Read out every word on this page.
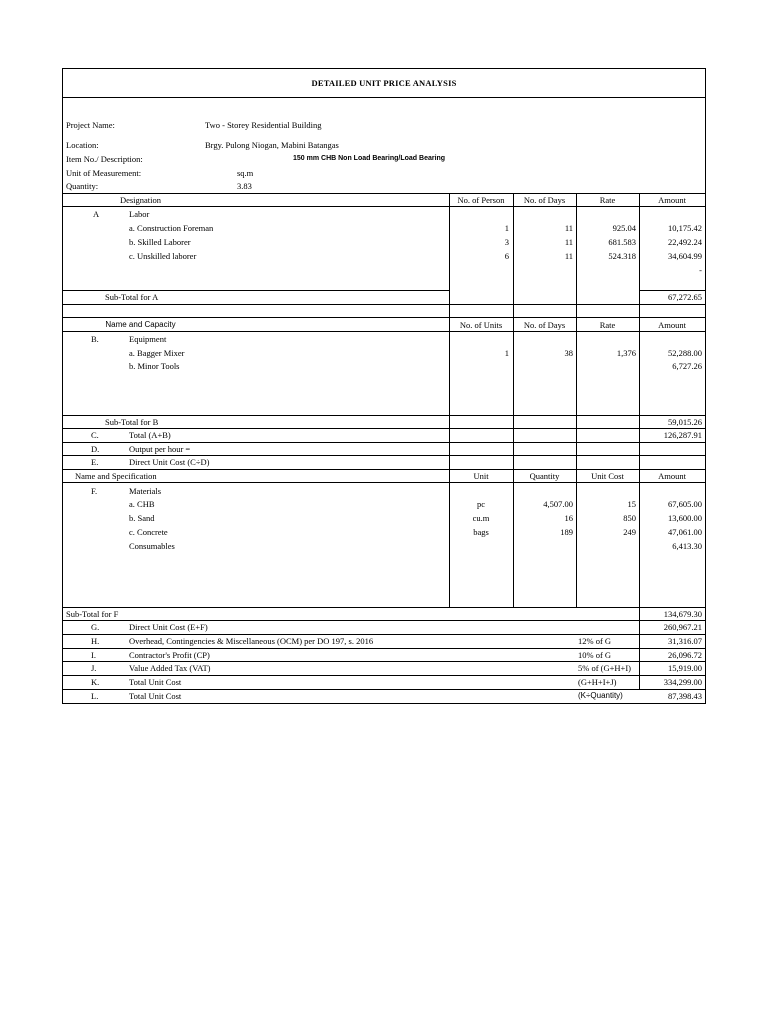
DETAILED UNIT PRICE ANALYSIS
Project Name:	Two - Storey Residential Building
Location:	Brgy. Pulong Niogan, Mabini Batangas
Item No./ Description:	150 mm CHB Non Load Bearing/Load Bearing
Unit of Measurement:	sq.m
Quantity:	3.83
Designation	No. of Person	No. of Days	Rate	Amount
A	Labor
a. Construction Foreman	1	11	925.04	10,175.42
b. Skilled Laborer	3	11	681.583	22,492.24
c. Unskilled laborer	6	11	524.318	34,604.99
-
Sub-Total for A	67,272.65
Name and Capacity	No. of Units	No. of Days	Rate	Amount
B.	Equipment
a. Bagger Mixer	1	38	1,376	52,288.00
b. Minor Tools	6,727.26
Sub-Total for B	59,015.26
C.	Total (A+B)	126,287.91
D.	Output per hour =
E.	Direct Unit Cost (C÷D)
Name and Specification	Unit	Quantity	Unit Cost	Amount
F.	Materials
a. CHB	pc	4,507.00	15	67,605.00
b. Sand	cu.m	16	850	13,600.00
c. Concrete	bags	189	249	47,061.00
Consumables	6,413.30
Sub-Total for F	134,679.30
G.	Direct Unit Cost (E+F)	260,967.21
H.	Overhead, Contingencies & Miscellaneous (OCM) per DO 197, s. 2016	12% of G	31,316.07
I.	Contractor's Profit (CP)	10% of G	26,096.72
J.	Value Added Tax (VAT)	5% of (G+H+I)	15,919.00
K.	Total Unit Cost	(G+H+I+J)	334,299.00
L.	Total Unit Cost	(K÷Quantity)	87,398.43
